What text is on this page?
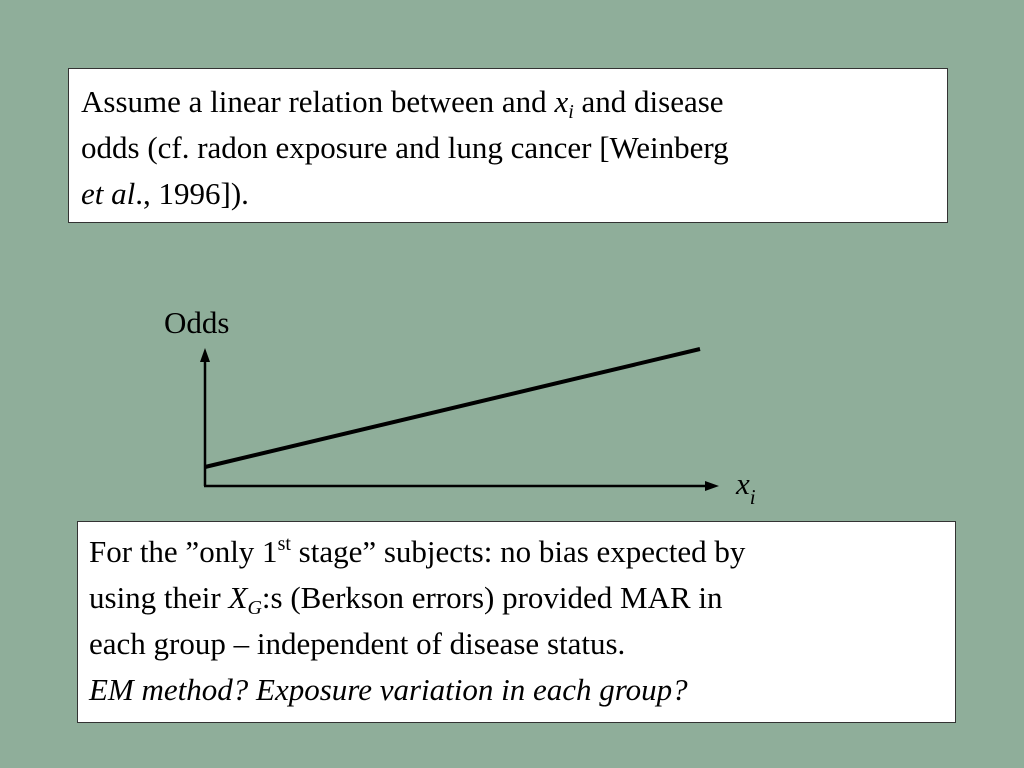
Assume a linear relation between and $x_i$ and disease
odds (cf. radon exposure and lung cancer [Weinberg
et al., 1996]).
Odds
$x_i$
For the ”only 1st stage” subjects: no bias expected by
using their $X_G:s$ (Berkson errors) provided MAR in
each group – independent of disease status.
EM method? Exposure variation in each group?
